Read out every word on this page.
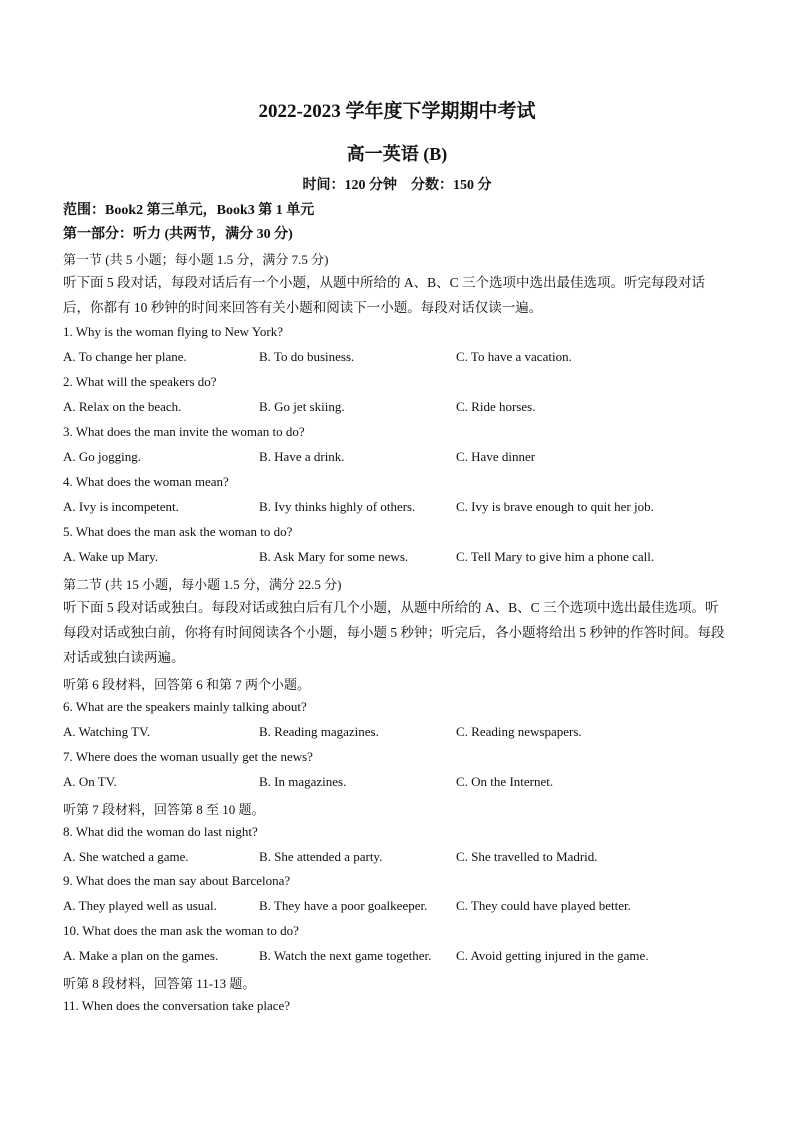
2022-2023 学年度下学期期中考试
高一英语 (B)
时间：120 分钟　分数：150 分
范围：Book2 第三单元，Book3 第 1 单元
第一部分：听力 (共两节，满分 30 分)
第一节 (共 5 小题；每小题 1.5 分，满分 7.5 分)
听下面 5 段对话，每段对话后有一个小题，从题中所给的 A、B、C 三个选项中选出最佳选项。听完每段对话后，你都有 10 秒钟的时间来回答有关小题和阅读下一小题。每段对话仅读一遍。
1. Why is the woman flying to New York?
A. To change her plane.	B. To do business.	C. To have a vacation.
2. What will the speakers do?
A. Relax on the beach.	B. Go jet skiing.	C. Ride horses.
3. What does the man invite the woman to do?
A. Go jogging.	B. Have a drink.	C. Have dinner
4. What does the woman mean?
A. Ivy is incompetent.	B. Ivy thinks highly of others.	C. Ivy is brave enough to quit her job.
5. What does the man ask the woman to do?
A. Wake up Mary.	B. Ask Mary for some news.	C. Tell Mary to give him a phone call.
第二节 (共 15 小题，每小题 1.5 分，满分 22.5 分)
听下面 5 段对话或独白。每段对话或独白后有几个小题，从题中所给的 A、B、C 三个选项中选出最佳选项。听每段对话或独白前，你将有时间阅读各个小题，每小题 5 秒钟；听完后，各小题将给出 5 秒钟的作答时间。每段对话或独白读两遍。
听第 6 段材料，回答第 6 和第 7 两个小题。
6. What are the speakers mainly talking about?
A. Watching TV.	B. Reading magazines.	C. Reading newspapers.
7. Where does the woman usually get the news?
A. On TV.	B. In magazines.	C. On the Internet.
听第 7 段材料，回答第 8 至 10 题。
8. What did the woman do last night?
A. She watched a game.	B. She attended a party.	C. She travelled to Madrid.
9. What does the man say about Barcelona?
A. They played well as usual.	B. They have a poor goalkeeper. C. They could have played better.
10. What does the man ask the woman to do?
A. Make a plan on the games.	B. Watch the next game together. C. Avoid getting injured in the game.
听第 8 段材料，回答第 11-13 题。
11. When does the conversation take place?
